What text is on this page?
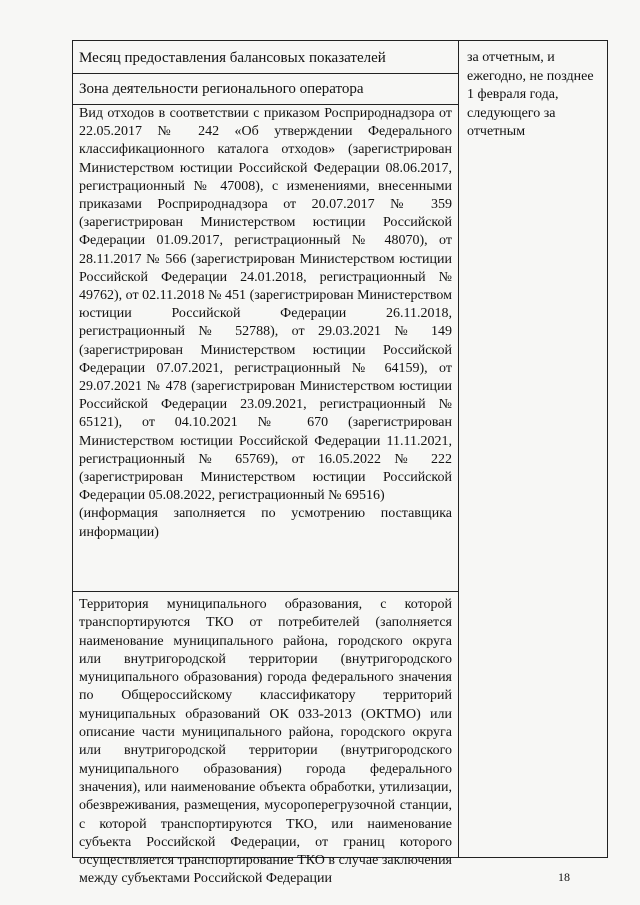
Месяц предоставления балансовых показателей
Зона деятельности регионального оператора
Вид отходов в соответствии с приказом Росприроднадзора от 22.05.2017 № 242 «Об утверждении Федерального классификационного каталога отходов» (зарегистрирован Министерством юстиции Российской Федерации 08.06.2017, регистрационный № 47008), с изменениями, внесенными приказами Росприроднадзора от 20.07.2017 № 359 (зарегистрирован Министерством юстиции Российской Федерации 01.09.2017, регистрационный № 48070), от 28.11.2017 № 566 (зарегистрирован Министерством юстиции Российской Федерации 24.01.2018, регистрационный № 49762), от 02.11.2018 № 451 (зарегистрирован Министерством юстиции Российской Федерации 26.11.2018, регистрационный № 52788), от 29.03.2021 № 149 (зарегистрирован Министерством юстиции Российской Федерации 07.07.2021, регистрационный № 64159), от 29.07.2021 № 478 (зарегистрирован Министерством юстиции Российской Федерации 23.09.2021, регистрационный № 65121), от 04.10.2021 № 670 (зарегистрирован Министерством юстиции Российской Федерации 11.11.2021, регистрационный № 65769), от 16.05.2022 № 222 (зарегистрирован Министерством юстиции Российской Федерации 05.08.2022, регистрационный № 69516)
(информация заполняется по усмотрению поставщика информации)
Территория муниципального образования, с которой транспортируются ТКО от потребителей (заполняется наименование муниципального района, городского округа или внутригородской территории (внутригородского муниципального образования) города федерального значения по Общероссийскому классификатору территорий муниципальных образований ОК 033-2013 (ОКТМО) или описание части муниципального района, городского округа или внутригородской территории (внутригородского муниципального образования) города федерального значения), или наименование объекта обработки, утилизации, обезвреживания, размещения, мусороперегрузочной станции, с которой транспортируются ТКО, или наименование субъекта Российской Федерации, от границ которого осуществляется транспортирование ТКО в случае заключения между субъектами Российской Федерации
за отчетным, и ежегодно, не позднее 1 февраля года, следующего за отчетным
18
